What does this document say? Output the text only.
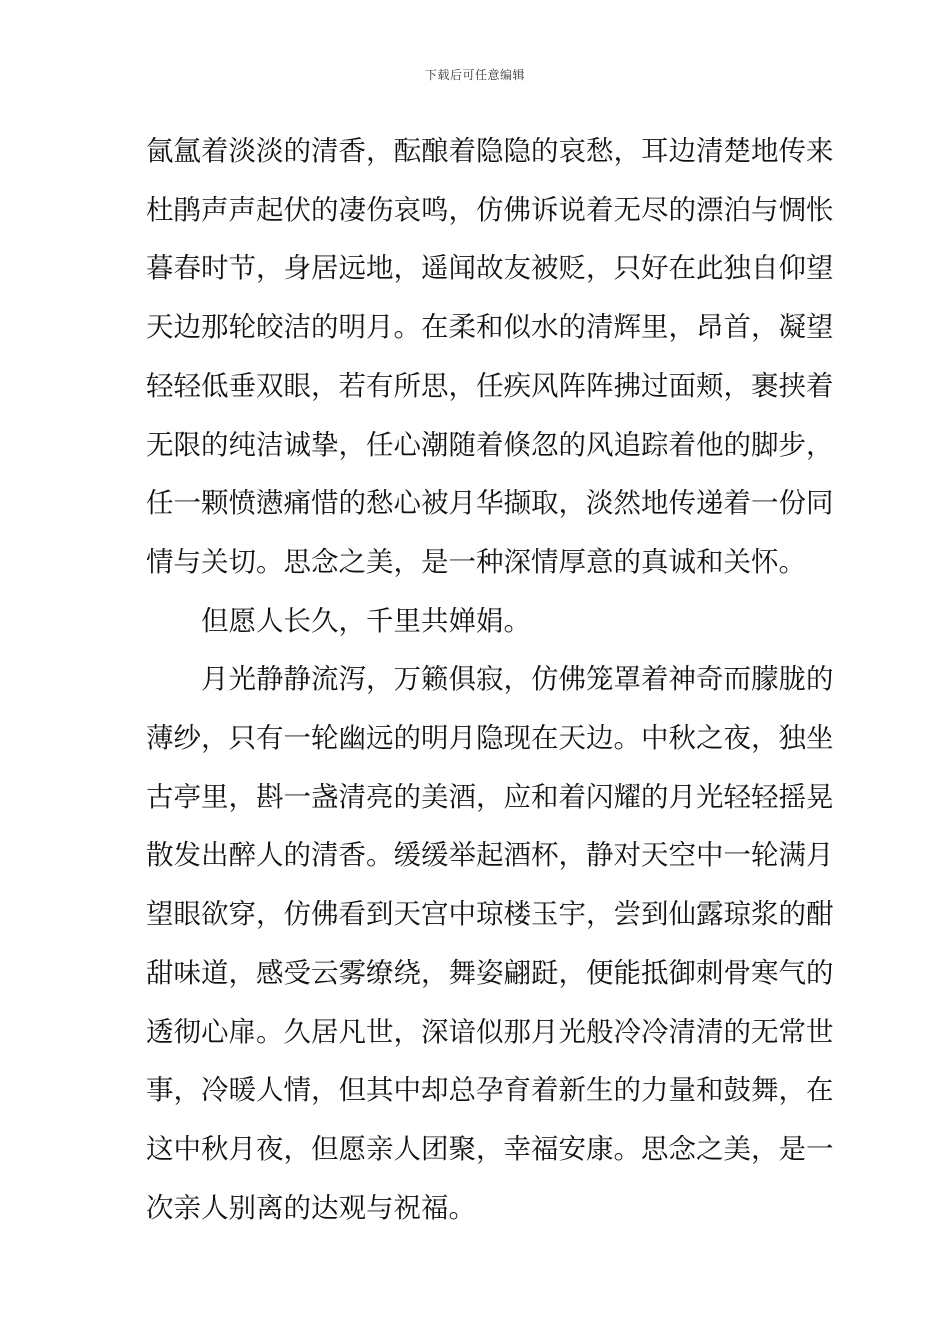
下载后可任意编辑

氤氲着淡淡的清香，酝酿着隐隐的哀愁，耳边清楚地传来
杜鹃声声起伏的凄伤哀鸣，仿佛诉说着无尽的漂泊与惆怅
暮春时节，身居远地，遥闻故友被贬，只好在此独自仰望
天边那轮皎洁的明月。在柔和似水的清辉里，昂首，凝望
轻轻低垂双眼，若有所思，任疾风阵阵拂过面颊，裹挟着
无限的纯洁诚挚，任心潮随着倏忽的风追踪着他的脚步，
任一颗愤懑痛惜的愁心被月华撷取，淡然地传递着一份同
情与关切。思念之美，是一种深情厚意的真诚和关怀。

但愿人长久，千里共婵娟。

月光静静流泻，万籁俱寂，仿佛笼罩着神奇而朦胧的
薄纱，只有一轮幽远的明月隐现在天边。中秋之夜，独坐
古亭里，斟一盏清亮的美酒，应和着闪耀的月光轻轻摇晃
散发出醉人的清香。缓缓举起酒杯，静对天空中一轮满月
望眼欲穿，仿佛看到天宫中琼楼玉宇，尝到仙露琼浆的酣
甜味道，感受云雾缭绕，舞姿翩跹，便能抵御刺骨寒气的
透彻心扉。久居凡世，深谙似那月光般冷冷清清的无常世
事，冷暖人情，但其中却总孕育着新生的力量和鼓舞，在
这中秋月夜，但愿亲人团聚，幸福安康。思念之美，是一
次亲人别离的达观与祝福。
